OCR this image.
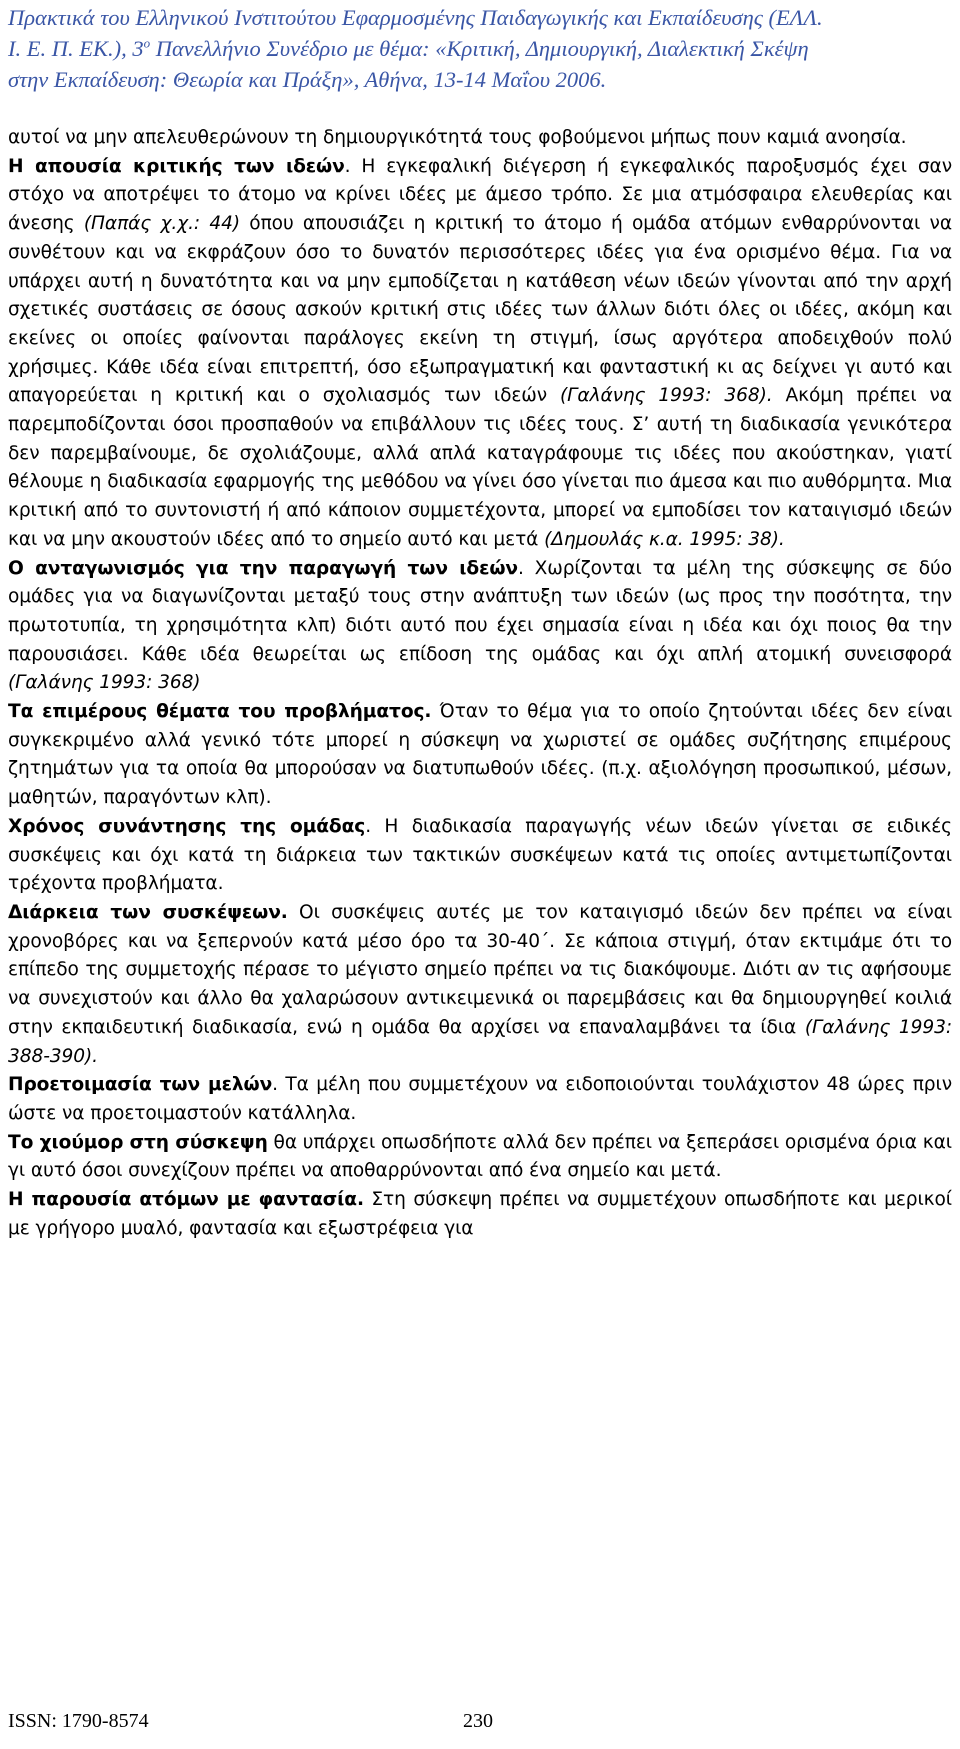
Πρακτικά του Ελληνικού Ινστιτούτου Εφαρμοσμένης Παιδαγωγικής και Εκπαίδευσης (ΕΛΛ.
Ι. Ε. Π. ΕΚ.), $3^o$ Πανελλήνιο Συνέδριο με θέμα: «Κριτική, Δημιουργική, Διαλεκτική Σκέψη
στην Εκπαίδευση: Θεωρία και Πράξη», Αθήνα, 13-14 Μαΐου 2006.

αυτοί να μην απελευθερώνουν τη δημιουργικότητά τους φοβούμενοι μήπως πουν καμιά ανοησία.

Η απουσία κριτικής των ιδεών. Η εγκεφαλική διέγερση ή εγκεφαλικός παροξυσμός έχει σαν στόχο να αποτρέψει το άτομο να κρίνει ιδέες με άμεσο τρόπο. Σε μια ατμόσφαιρα ελευθερίας και άνεσης (Παπάς χ.χ.: 44) όπου απουσιάζει η κριτική το άτομο ή ομάδα ατόμων ενθαρρύνονται να συνθέτουν και να εκφράζουν όσο το δυνατόν περισσότερες ιδέες για ένα ορισμένο θέμα. Για να υπάρχει αυτή η δυνατότητα και να μην εμποδίζεται η κατάθεση νέων ιδεών γίνονται από την αρχή σχετικές συστάσεις σε όσους ασκούν κριτική στις ιδέες των άλλων διότι όλες οι ιδέες, ακόμη και εκείνες οι οποίες φαίνονται παράλογες εκείνη τη στιγμή, ίσως αργότερα αποδειχθούν πολύ χρήσιμες. Κάθε ιδέα είναι επιτρεπτή, όσο εξωπραγματική και φανταστική κι ας δείχνει γι αυτό και απαγορεύεται η κριτική και ο σχολιασμός των ιδεών (Γαλάνης 1993: 368). Ακόμη πρέπει να παρεμποδίζονται όσοι προσπαθούν να επιβάλλουν τις ιδέες τους. Σ’ αυτή τη διαδικασία γενικότερα δεν παρεμβαίνουμε, δε σχολιάζουμε, αλλά απλά καταγράφουμε τις ιδέες που ακούστηκαν, γιατί θέλουμε η διαδικασία εφαρμογής της μεθόδου να γίνει όσο γίνεται πιο άμεσα και πιο αυθόρμητα. Μια κριτική από το συντονιστή ή από κάποιον συμμετέχοντα, μπορεί να εμποδίσει τον καταιγισμό ιδεών και να μην ακουστούν ιδέες από το σημείο αυτό και μετά (Δημουλάς κ.α. 1995: 38).

Ο ανταγωνισμός για την παραγωγή των ιδεών. Χωρίζονται τα μέλη της σύσκεψης σε δύο ομάδες για να διαγωνίζονται μεταξύ τους στην ανάπτυξη των ιδεών (ως προς την ποσότητα, την πρωτοτυπία, τη χρησιμότητα κλπ) διότι αυτό που έχει σημασία είναι η ιδέα και όχι ποιος θα την παρουσιάσει. Κάθε ιδέα θεωρείται ως επίδοση της ομάδας και όχι απλή ατομική συνεισφορά (Γαλάνης 1993: 368)

Τα επιμέρους θέματα του προβλήματος. Όταν το θέμα για το οποίο ζητούνται ιδέες δεν είναι συγκεκριμένο αλλά γενικό τότε μπορεί η σύσκεψη να χωριστεί σε ομάδες συζήτησης επιμέρους ζητημάτων για τα οποία θα μπορούσαν να διατυπωθούν ιδέες. (π.χ. αξιολόγηση προσωπικού, μέσων, μαθητών, παραγόντων κλπ).

Χρόνος συνάντησης της ομάδας. Η διαδικασία παραγωγής νέων ιδεών γίνεται σε ειδικές συσκέψεις και όχι κατά τη διάρκεια των τακτικών συσκέψεων κατά τις οποίες αντιμετωπίζονται τρέχοντα προβλήματα.

Διάρκεια των συσκέψεων. Οι συσκέψεις αυτές με τον καταιγισμό ιδεών δεν πρέπει να είναι χρονοβόρες και να ξεπερνούν κατά μέσο όρο τα 30-40΄. Σε κάποια στιγμή, όταν εκτιμάμε ότι το επίπεδο της συμμετοχής πέρασε το μέγιστο σημείο πρέπει να τις διακόψουμε. Διότι αν τις αφήσουμε να συνεχιστούν και άλλο θα χαλαρώσουν αντικειμενικά οι παρεμβάσεις και θα δημιουργηθεί κοιλιά στην εκπαιδευτική διαδικασία, ενώ η ομάδα θα αρχίσει να επαναλαμβάνει τα ίδια (Γαλάνης 1993: 388-390).

Προετοιμασία των μελών. Τα μέλη που συμμετέχουν να ειδοποιούνται τουλάχιστον 48 ώρες πριν ώστε να προετοιμαστούν κατάλληλα.

Το χιούμορ στη σύσκεψη θα υπάρχει οπωσδήποτε αλλά δεν πρέπει να ξεπεράσει ορισμένα όρια και γι αυτό όσοι συνεχίζουν πρέπει να αποθαρρύνονται από ένα σημείο και μετά.

Η παρουσία ατόμων με φαντασία. Στη σύσκεψη πρέπει να συμμετέχουν οπωσδήποτε και μερικοί με γρήγορο μυαλό, φαντασία και εξωστρέφεια για

ISSN: 1790-8574	230
